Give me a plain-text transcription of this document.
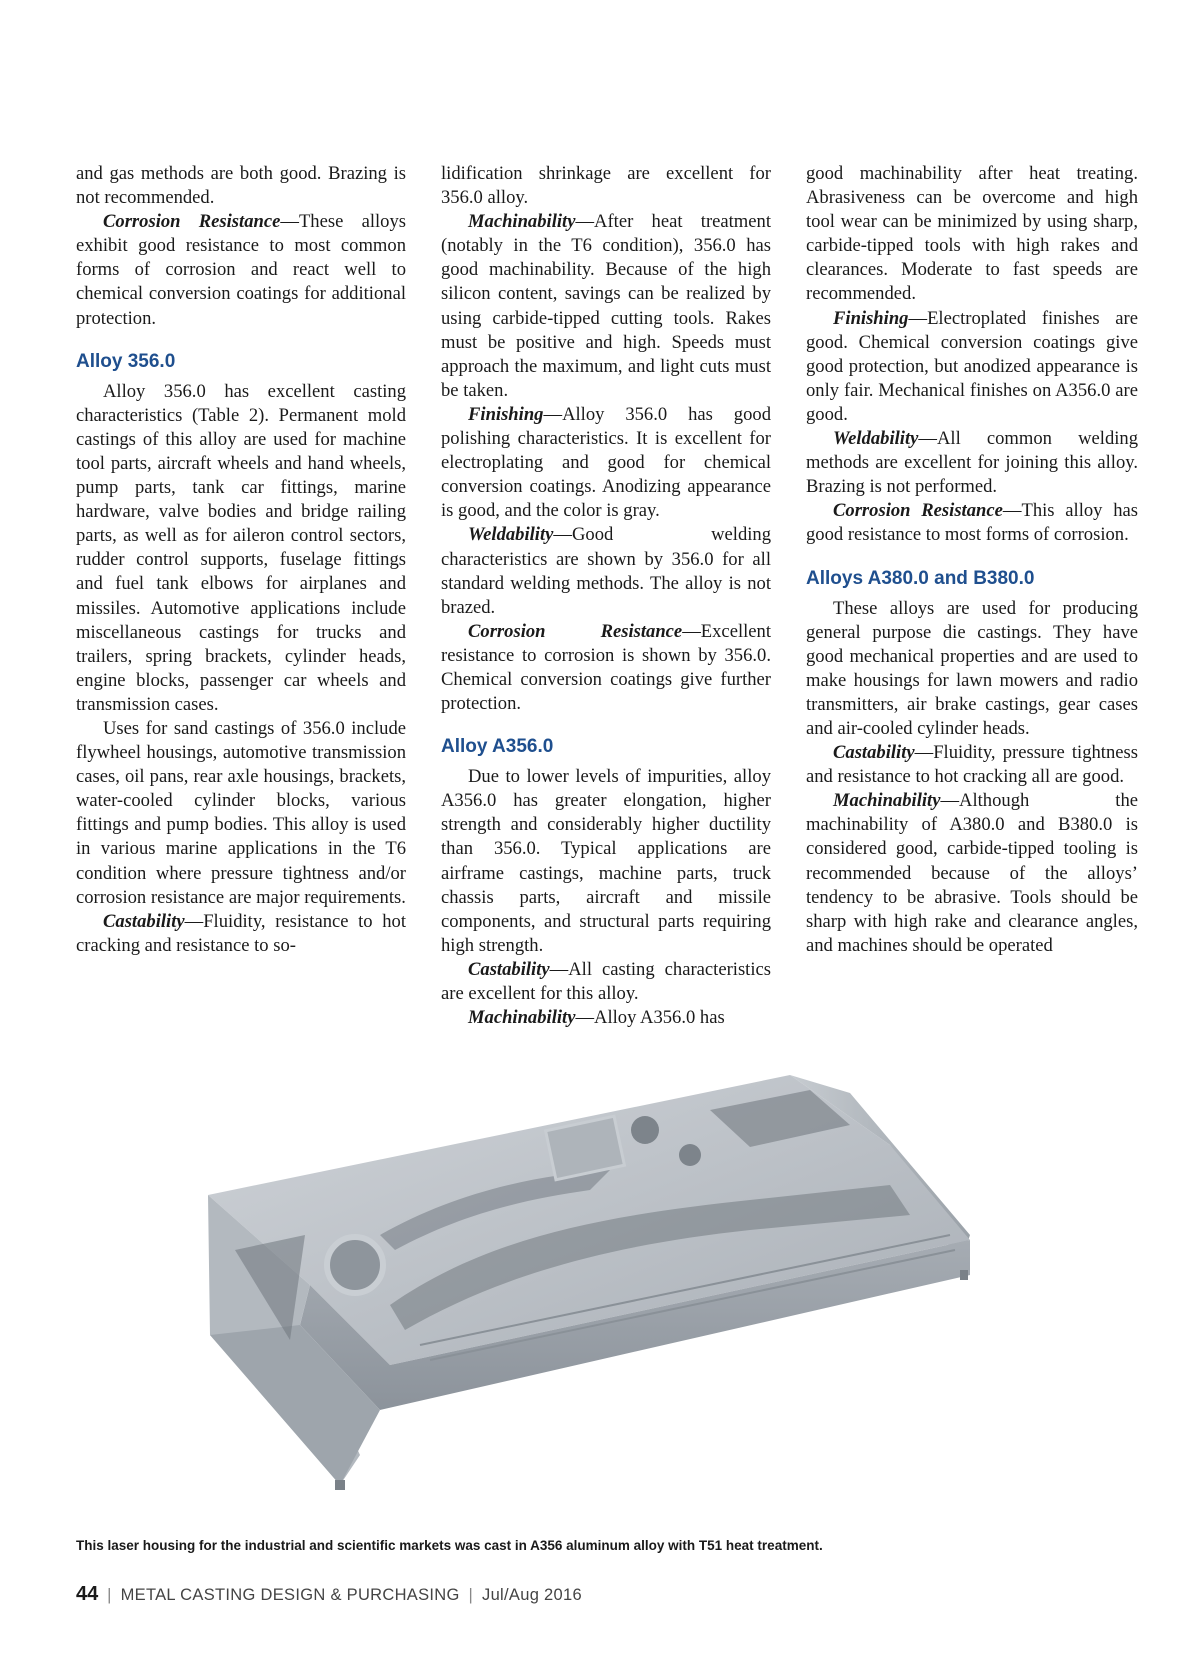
and gas methods are both good. Brazing is not recommended.

Corrosion Resistance—These alloys exhibit good resistance to most common forms of corrosion and react well to chemical conversion coatings for additional protection.

Alloy 356.0

Alloy 356.0 has excellent casting characteristics (Table 2). Permanent mold castings of this alloy are used for machine tool parts, aircraft wheels and hand wheels, pump parts, tank car fittings, marine hardware, valve bodies and bridge railing parts, as well as for aileron control sectors, rudder control supports, fuselage fittings and fuel tank elbows for airplanes and missiles. Automotive applications include miscellaneous castings for trucks and trailers, spring brackets, cylinder heads, engine blocks, passenger car wheels and transmission cases.

Uses for sand castings of 356.0 include flywheel housings, automotive transmission cases, oil pans, rear axle housings, brackets, water-cooled cylinder blocks, various fittings and pump bodies. This alloy is used in various marine applications in the T6 condition where pressure tightness and/or corrosion resistance are major requirements.

Castability—Fluidity, resistance to hot cracking and resistance to so-

lidification shrinkage are excellent for 356.0 alloy.

Machinability—After heat treatment (notably in the T6 condition), 356.0 has good machinability. Because of the high silicon content, savings can be realized by using carbide-tipped cutting tools. Rakes must be positive and high. Speeds must approach the maximum, and light cuts must be taken.

Finishing—Alloy 356.0 has good polishing characteristics. It is excellent for electroplating and good for chemical conversion coatings. Anodizing appearance is good, and the color is gray.

Weldability—Good welding characteristics are shown by 356.0 for all standard welding methods. The alloy is not brazed.

Corrosion Resistance—Excellent resistance to corrosion is shown by 356.0. Chemical conversion coatings give further protection.

Alloy A356.0

Due to lower levels of impurities, alloy A356.0 has greater elongation, higher strength and considerably higher ductility than 356.0. Typical applications are airframe castings, machine parts, truck chassis parts, aircraft and missile components, and structural parts requiring high strength.

Castability—All casting characteristics are excellent for this alloy.

Machinability—Alloy A356.0 has

good machinability after heat treating. Abrasiveness can be overcome and high tool wear can be minimized by using sharp, carbide-tipped tools with high rakes and clearances. Moderate to fast speeds are recommended.

Finishing—Electroplated finishes are good. Chemical conversion coatings give good protection, but anodized appearance is only fair. Mechanical finishes on A356.0 are good.

Weldability—All common welding methods are excellent for joining this alloy. Brazing is not performed.

Corrosion Resistance—This alloy has good resistance to most forms of corrosion.

Alloys A380.0 and B380.0

These alloys are used for producing general purpose die castings. They have good mechanical properties and are used to make housings for lawn mowers and radio transmitters, air brake castings, gear cases and air-cooled cylinder heads.

Castability—Fluidity, pressure tightness and resistance to hot cracking all are good.

Machinability—Although the machinability of A380.0 and B380.0 is considered good, carbide-tipped tooling is recommended because of the alloys’ tendency to be abrasive. Tools should be sharp with high rake and clearance angles, and machines should be operated

This laser housing for the industrial and scientific markets was cast in A356 aluminum alloy with T51 heat treatment.
44 | METAL CASTING DESIGN & PURCHASING | Jul/Aug 2016
